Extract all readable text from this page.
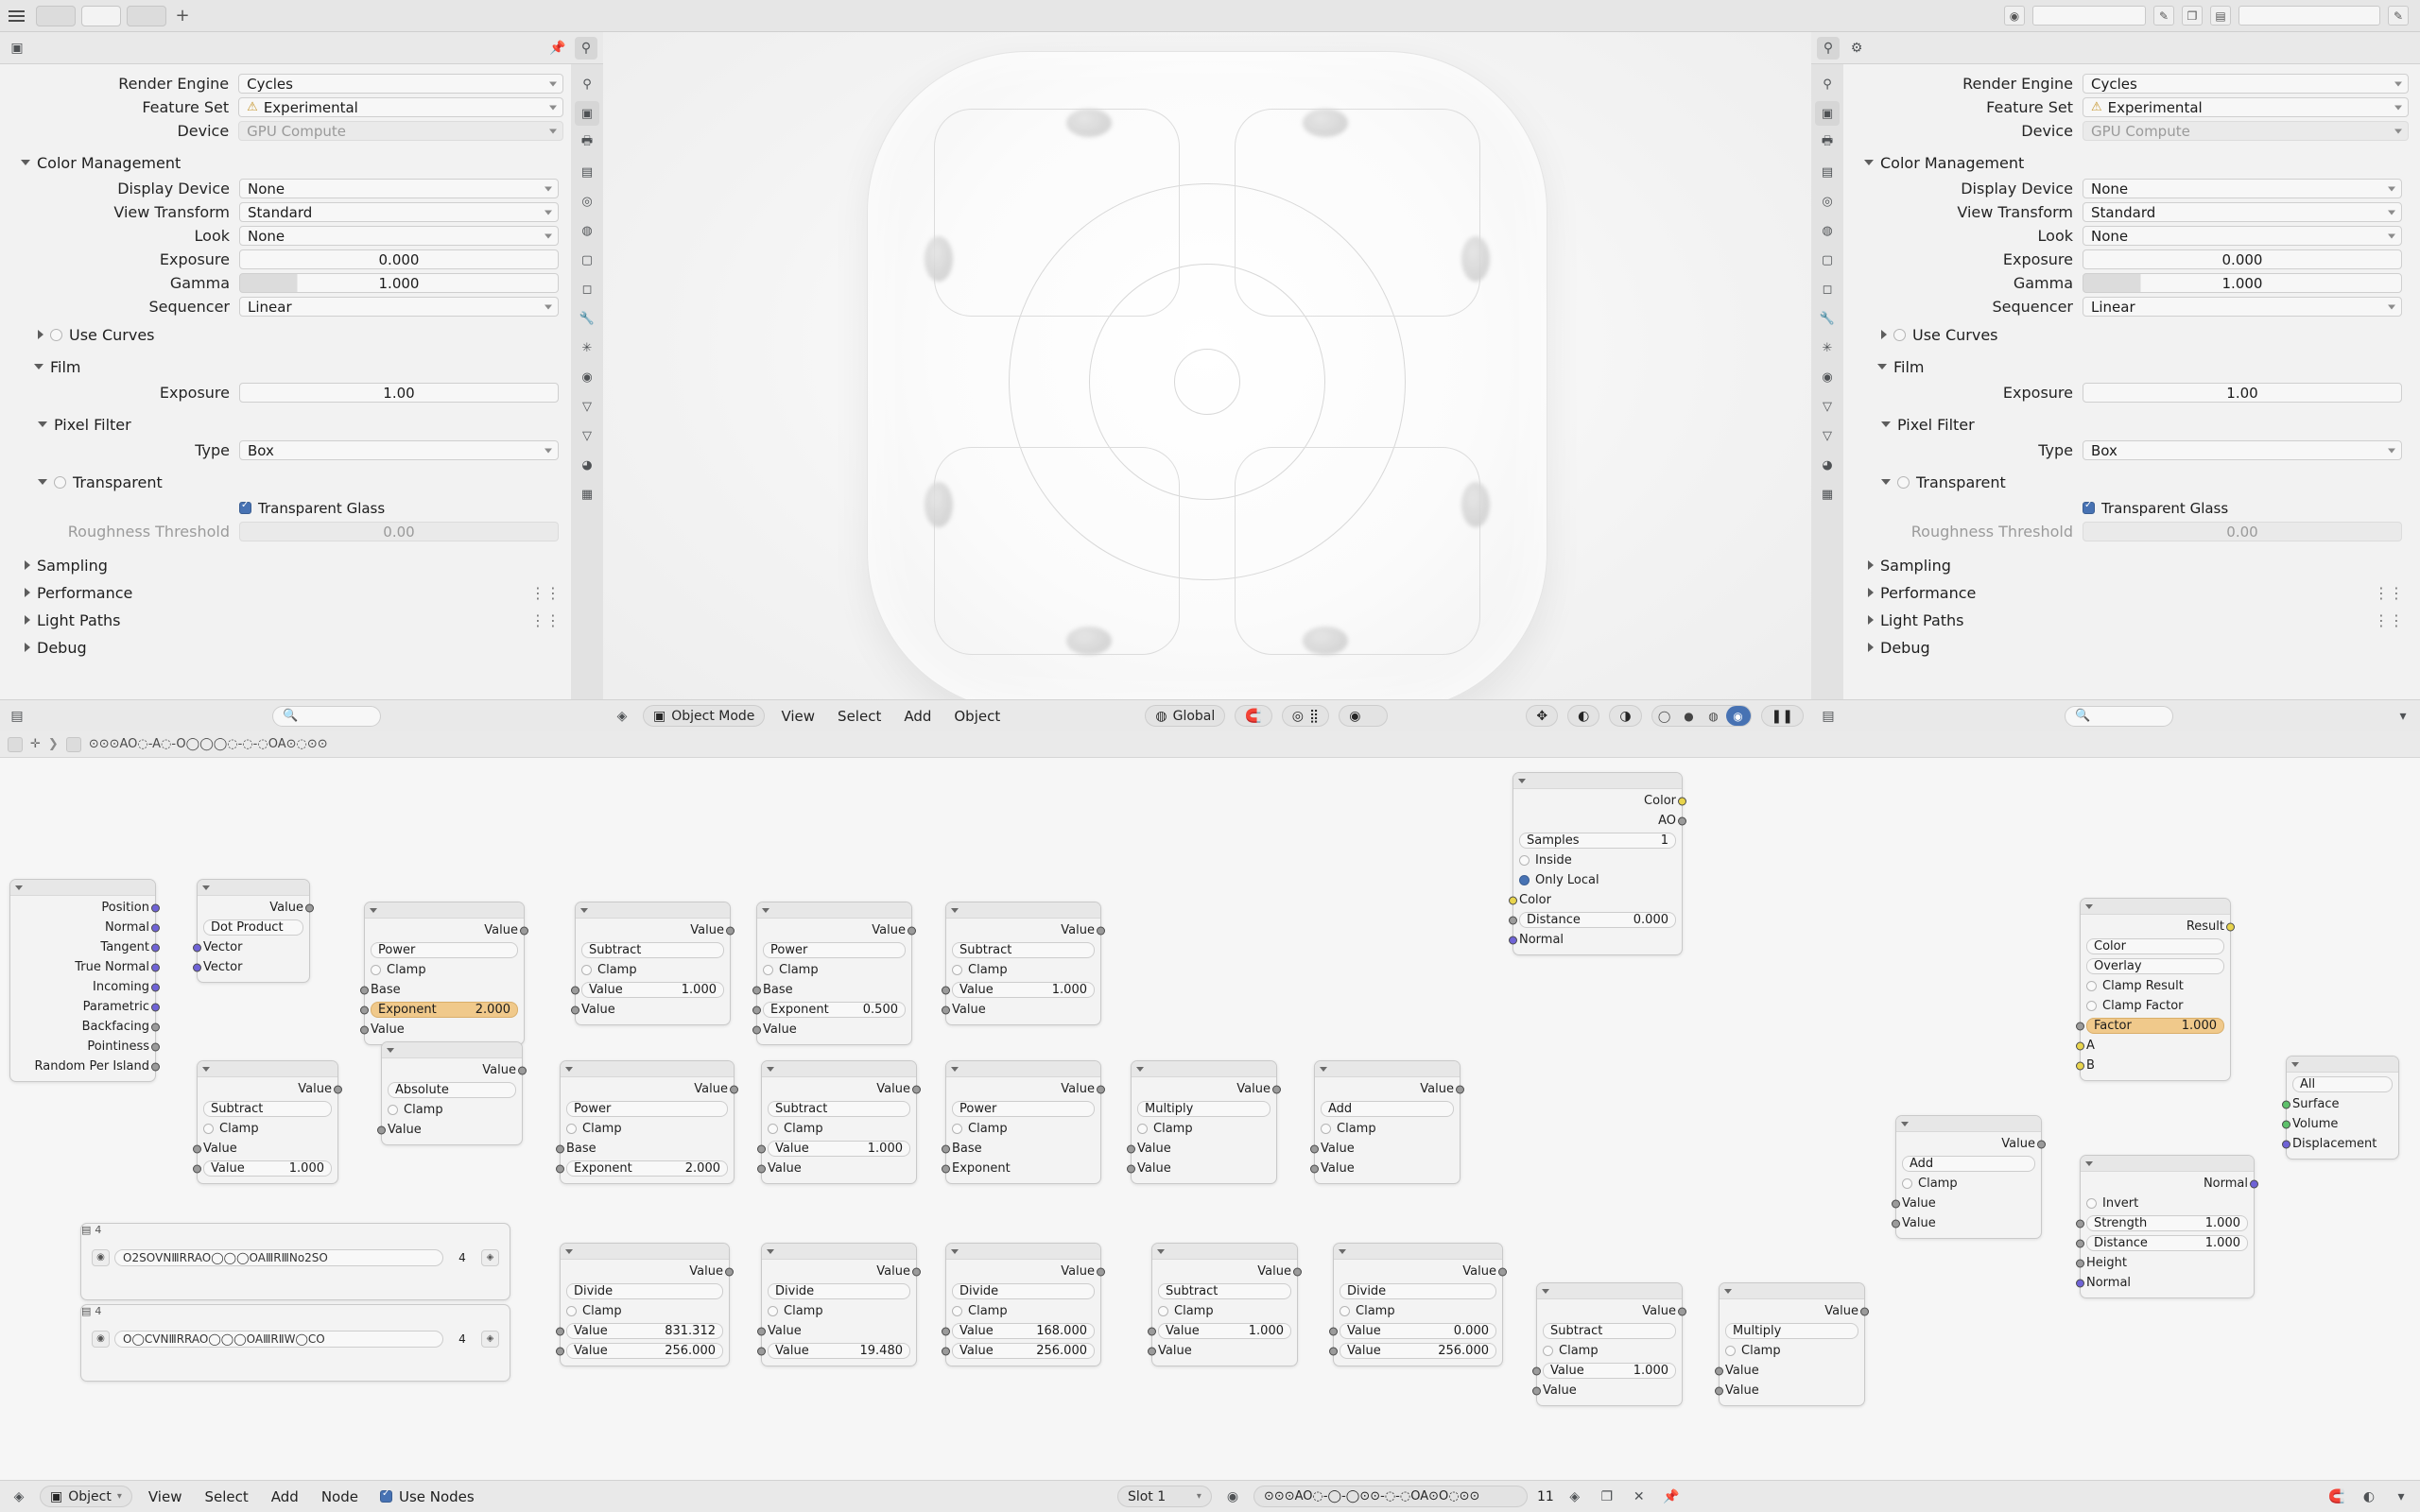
+	◉	✎	❐	▤	✎
▣	📌	⚲
⚲
▣
🖶
▤
◎
◍
▢
◻
🔧
✳
◉
▽
▽
◕
▦
Render Engine	Cycles
Feature Set	⚠ Experimental
Device	GPU Compute
Color Management
Display Device	None
View Transform	Standard
Look	None
Exposure	0.000
Gamma	1.000
Sequencer	Linear
Use Curves
Film
Exposure	1.00
Pixel Filter
Type	Box
Transparent
✓
Transparent Glass
Roughness Threshold	0.00
Sampling
Performance	⋮⋮
Light Paths	⋮⋮
Debug
▤	🔍	◈	▣ Object Mode	View	Select	Add	Object	◍ Global 🧲 ◎ ⣿ ◉	✥ ◐ ◑	◯	●	◍	◉	❚❚
⚲	⚙
⚲
▣
🖶
▤
◎
◍
▢
◻
🔧
✳
◉
▽
▽
◕
▦
Render Engine	Cycles
Feature Set	⚠ Experimental
Device	GPU Compute
Color Management
Display Device	None
View Transform	Standard
Look	None
Exposure	0.000
Gamma	1.000
Sequencer	Linear
Use Curves
Film
Exposure	1.00
Pixel Filter
Type	Box
Transparent
✓
Transparent Glass
Roughness Threshold	0.00
Sampling
Performance	⋮⋮
Light Paths	⋮⋮
Debug
▤	🔍	▾
✛ ❯ ⊙⊙⊙AO◌-A◌-O◯◯◯◌-◌-◌OA⊙◌⊙⊙
Position
Normal
Tangent
True Normal
Incoming
Parametric
Backfacing
Pointiness
Random Per Island
Value
Dot Product
Vector
Vector
Value
Power
Clamp
Base
Exponent	2.000
Value
Value
Subtract
Clamp
Value	1.000
Value
Value
Power
Clamp
Base
Exponent	0.500
Value
Value
Subtract
Clamp
Value	1.000
Value
Color
AO
Samples	1
Inside
Only Local
Color
Distance	0.000
Normal
Value
Subtract
Clamp
Value
Value	1.000
Value
Absolute
Clamp
Value
Value
Power
Clamp
Base
Exponent	2.000
Value
Subtract
Clamp
Value	1.000
Value
Value
Power
Clamp
Base
Exponent
Value
Multiply
Clamp
Value
Value
Value
Add
Clamp
Value
Value
Result
Color
Overlay
Clamp Result
Clamp Factor
Factor	1.000
A
B
Value
Add
Clamp
Value
Value
Normal
Invert
Strength	1.000
Distance	1.000
Height
Normal
All
Surface
Volume
Displacement
▤ 4
◉	O2SOⅤNⅢRRAO◯◯◯OAⅢRⅢNo2SO	4	◈
▤ 4
◉	O◯CⅤNⅢRRAO◯◯◯OAⅢRⅡW◯CO	4	◈
Value
Divide
Clamp
Value	831.312
Value	256.000
Value
Divide
Clamp
Value
Value	19.480
Value
Divide
Clamp
Value	168.000
Value	256.000
Value
Subtract
Clamp
Value	1.000
Value
Value
Divide
Clamp
Value	0.000
Value	256.000
Value
Subtract
Clamp
Value	1.000
Value
Value
Multiply
Clamp
Value
Value
◈	▣ Object ▾	View	Select	Add	Node ✓	Use Nodes	Slot 1	▾	◉	⊙⊙⊙AO◌-◯-◯⊙⊙-◌-◌OA⊙O◌⊙⊙	11	◈	❐	✕	📌	🧲	◐	▾
